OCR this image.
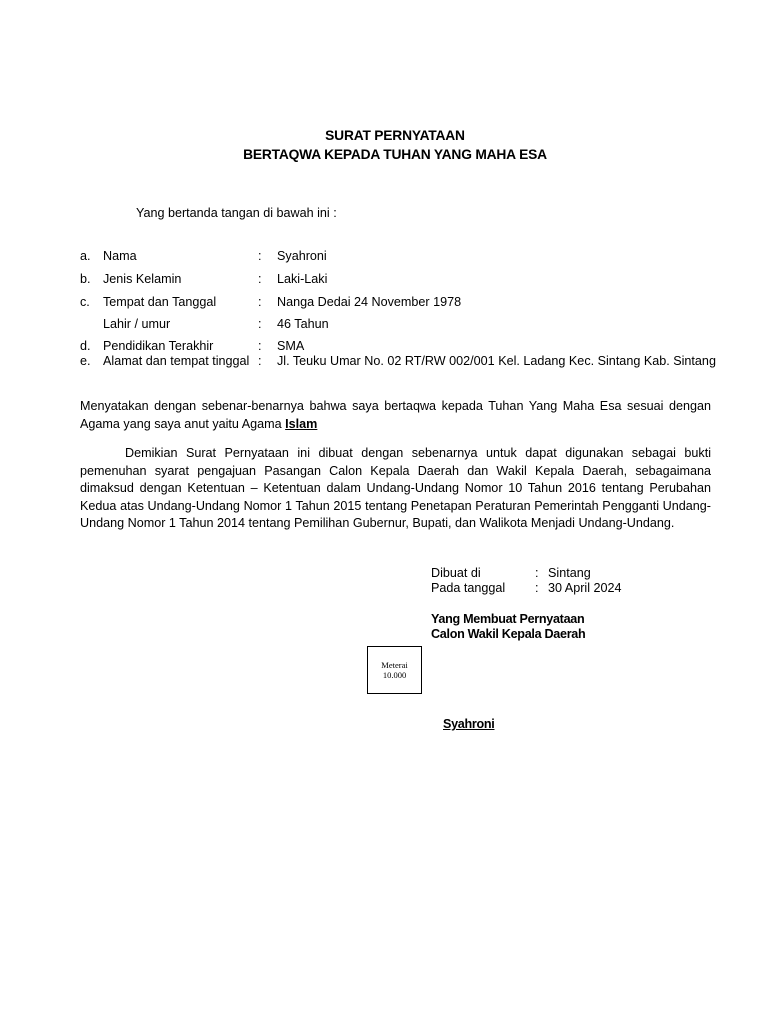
SURAT PERNYATAAN
BERTAQWA KEPADA TUHAN YANG MAHA ESA
Yang bertanda tangan di bawah ini :
a. Nama	: Syahroni
b. Jenis Kelamin	: Laki-Laki
c. Tempat dan Tanggal	: Nanga Dedai 24 November 1978
Lahir / umur	: 46 Tahun
d. Pendidikan Terakhir	: SMA
e. Alamat dan tempat tinggal : Jl. Teuku Umar No. 02 RT/RW 002/001 Kel. Ladang Kec. Sintang Kab. Sintang
Menyatakan dengan sebenar-benarnya bahwa saya bertaqwa kepada Tuhan Yang Maha Esa sesuai dengan Agama yang saya anut yaitu Agama Islam
Demikian Surat Pernyataan ini dibuat dengan sebenarnya untuk dapat digunakan sebagai bukti pemenuhan syarat pengajuan Pasangan Calon Kepala Daerah dan Wakil Kepala Daerah, sebagaimana dimaksud dengan Ketentuan – Ketentuan dalam Undang-Undang Nomor 10 Tahun 2016 tentang Perubahan Kedua atas Undang-Undang Nomor 1 Tahun 2015 tentang Penetapan Peraturan Pemerintah Pengganti Undang-Undang Nomor 1 Tahun 2014 tentang Pemilihan Gubernur, Bupati, dan Walikota Menjadi Undang-Undang.
Dibuat di	: Sintang
Pada tanggal : 30 April 2024
Yang Membuat Pernyataan
Calon Wakil Kepala Daerah
Meterai
10.000
Syahroni
